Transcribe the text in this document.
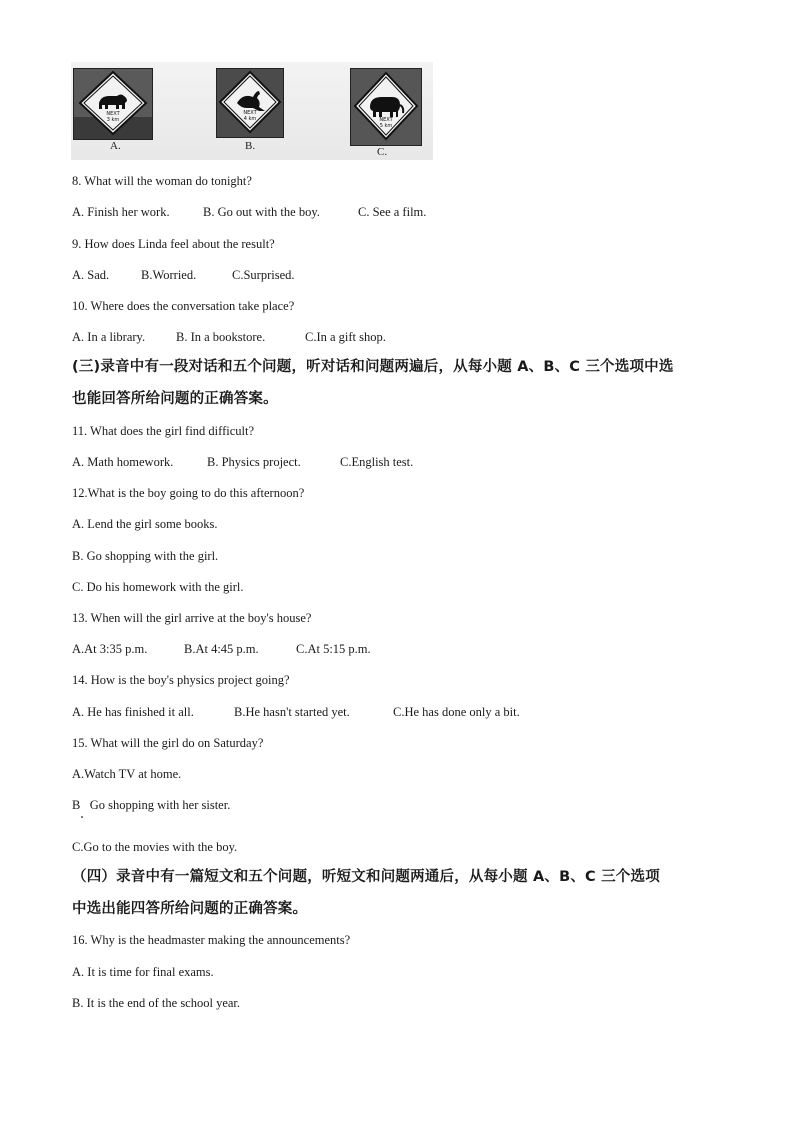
NEXT
3 km
NEXT
4 km	NEXT
5 km
A.	B.	C.
8. What will the woman do tonight?
A. Finish her work.	B. Go out with the boy.	C. See a film.
9. How does Linda feel about the result?
A. Sad.	B.Worried.	C.Surprised.
10. Where does the conversation take place?
A. In a library. B. In a bookstore.	C.In a gift shop.
(三)录音中有一段对话和五个问题，听对话和问题两遍后，从每小题 A、B、C 三个选项中选
也能回答所给问题的正确答案。
11. What does the girl find difficult?
A. Math homework.	B. Physics project.	C.English test.
12.What is the boy going to do this afternoon?
A. Lend the girl some books.
B. Go shopping with the girl.
C. Do his homework with the girl.
13. When will the girl arrive at the boy's house?
A.At 3:35 p.m.	B.At 4:45 p.m.	C.At 5:15 p.m.
14. How is the boy's physics project going?
A. He has finished it all.	B.He hasn't started yet.	C.He has done only a bit.
15. What will the girl do on Saturday?
A.Watch TV at home.
B   Go shopping with her sister.
C.Go to the movies with the boy.
（四）录音中有一篇短文和五个问题，听短文和问题两通后，从每小题 A、B、C 三个选项
中选出能四答所给问题的正确答案。
16. Why is the headmaster making the announcements?
A. It is time for final exams.
B. It is the end of the school year.
